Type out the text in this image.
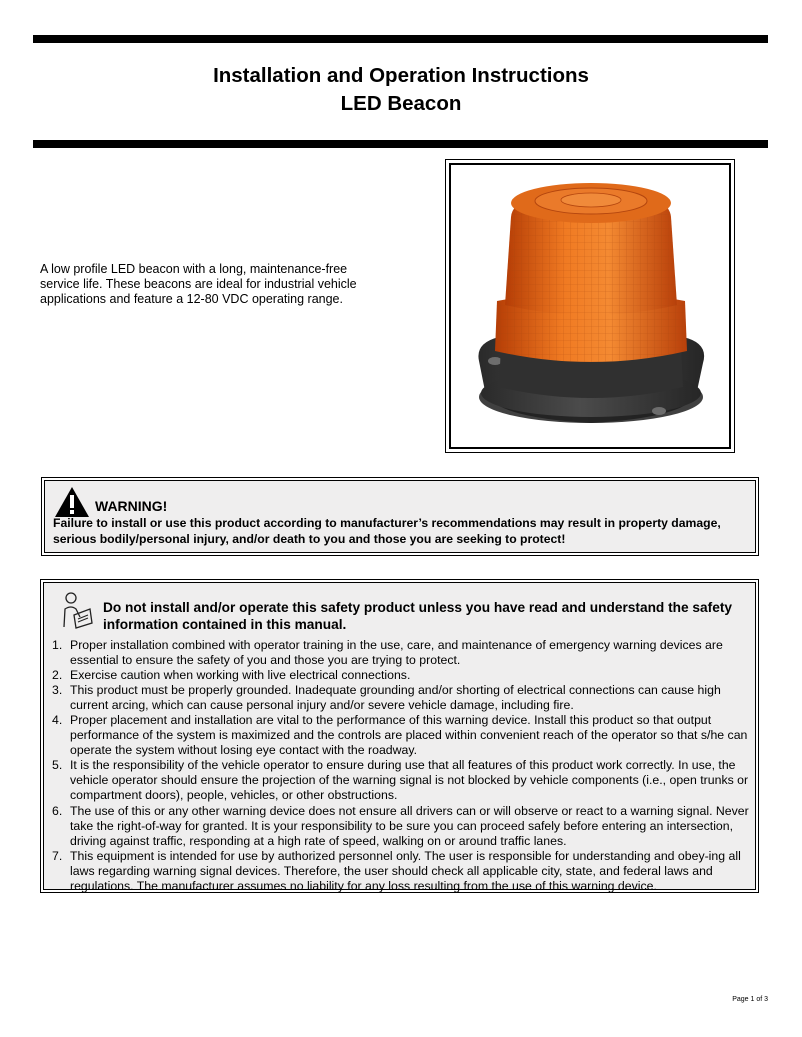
Installation and Operation Instructions
LED Beacon
A low profile LED beacon with a long, maintenance-free service life. These beacons are ideal for industrial vehicle applications and feature a 12-80 VDC operating range.
WARNING!
Failure to install or use this product according to manufacturer’s recommendations may result in property damage, serious bodily/personal injury, and/or death to you and those you are seeking to protect!
Do not install and/or operate this safety product unless you have read and understand the safety information contained in this manual.
1. Proper installation combined with operator training in the use, care, and maintenance of emergency warning devices are essential to ensure the safety of you and those you are trying to protect.
2. Exercise caution when working with live electrical connections.
3. This product must be properly grounded. Inadequate grounding and/or shorting of electrical connections can cause high current arcing, which can cause personal injury and/or severe vehicle damage, including fire.
4. Proper placement and installation are vital to the performance of this warning device. Install this product so that output performance of the system is maximized and the controls are placed within convenient reach of the operator so that s/he can operate the system without losing eye contact with the roadway.
5. It is the responsibility of the vehicle operator to ensure during use that all features of this product work correctly. In use, the vehicle operator should ensure the projection of the warning signal is not blocked by vehicle components (i.e., open trunks or compartment doors), people, vehicles, or other obstructions.
6. The use of this or any other warning device does not ensure all drivers can or will observe or react to a warning signal. Never take the right-of-way for granted. It is your responsibility to be sure you can proceed safely before entering an intersection, driving against traffic, responding at a high rate of speed, walking on or around traffic lanes.
7. This equipment is intended for use by authorized personnel only. The user is responsible for understanding and obey-ing all laws regarding warning signal devices. Therefore, the user should check all applicable city, state, and federal laws and regulations. The manufacturer assumes no liability for any loss resulting from the use of this warning device.
Page 1 of 3
